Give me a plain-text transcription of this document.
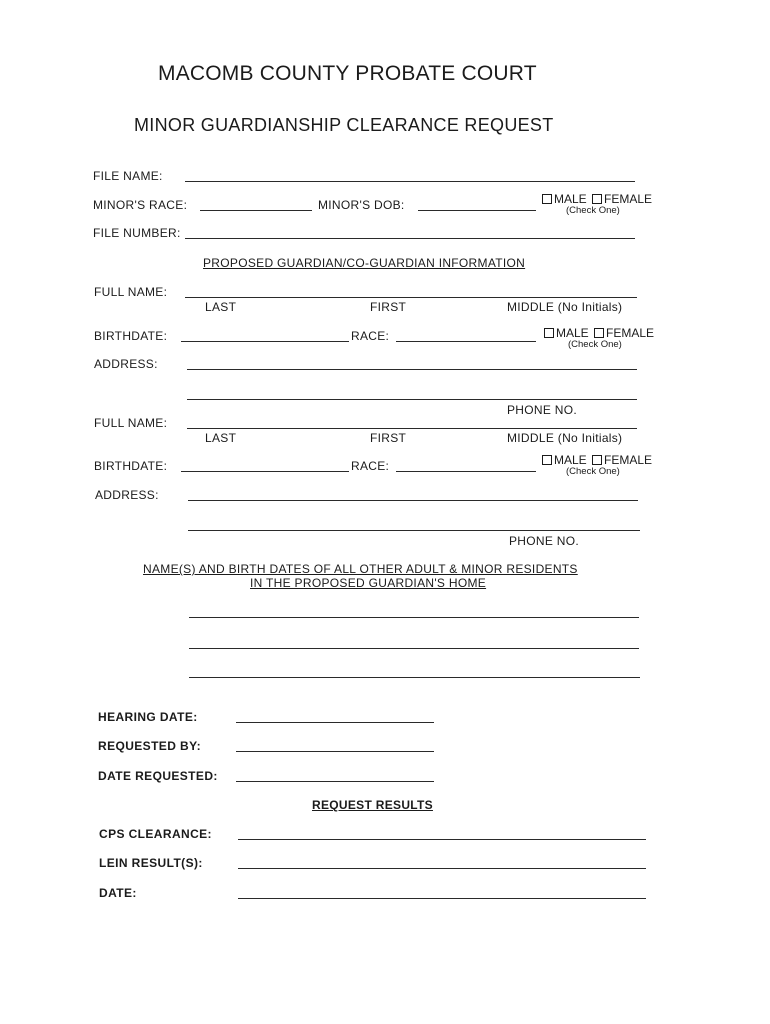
MACOMB COUNTY PROBATE COURT
MINOR GUARDIANSHIP CLEARANCE REQUEST
FILE NAME:
MINOR'S RACE:	MINOR'S DOB:	MALE FEMALE
(Check One)
FILE NUMBER:
PROPOSED GUARDIAN/CO-GUARDIAN INFORMATION
FULL NAME:
LAST	FIRST	MIDDLE (No Initials)
BIRTHDATE:	RACE:	MALE FEMALE
(Check One)
ADDRESS:
PHONE NO.
FULL NAME:
LAST	FIRST	MIDDLE (No Initials)
BIRTHDATE:	RACE:	MALE FEMALE
(Check One)
ADDRESS:
PHONE NO.
NAME(S) AND BIRTH DATES OF ALL OTHER ADULT & MINOR RESIDENTS
IN THE PROPOSED GUARDIAN'S HOME
HEARING DATE:
REQUESTED BY:
DATE REQUESTED:
REQUEST RESULTS
CPS CLEARANCE:
LEIN RESULT(S):
DATE:
